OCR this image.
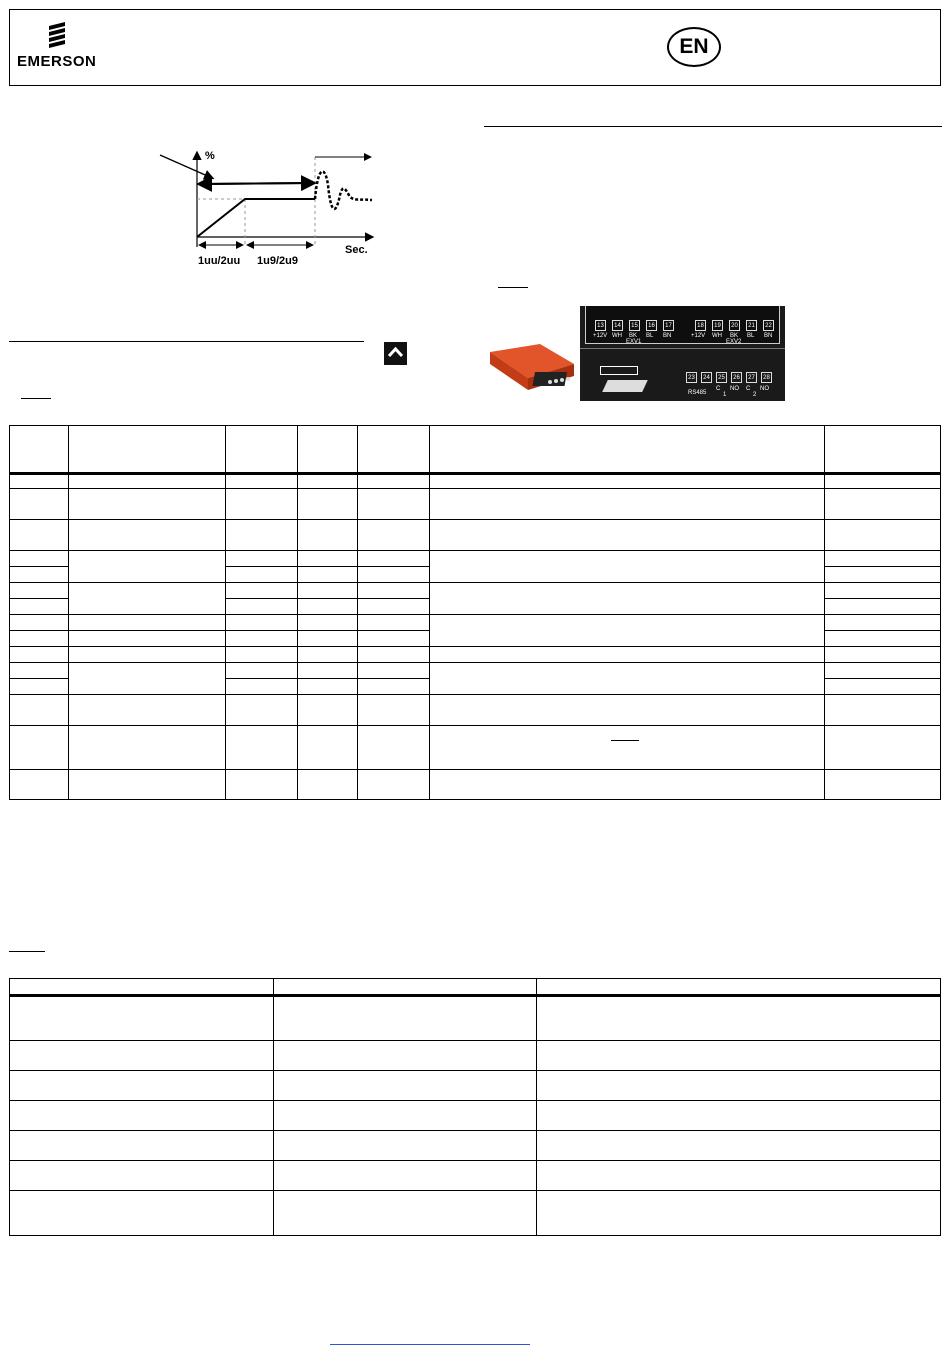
EMERSON
EN
%
Sec.
1uu/2uu 1u9/2u9
13	14	15	16	17	18	19	20	21	22
+12V WH BK BL BN
EXV1
+12V WH BK BL BN
EXV2
23	24	25	26	27	28
RS485
C NO C NO
1	2
